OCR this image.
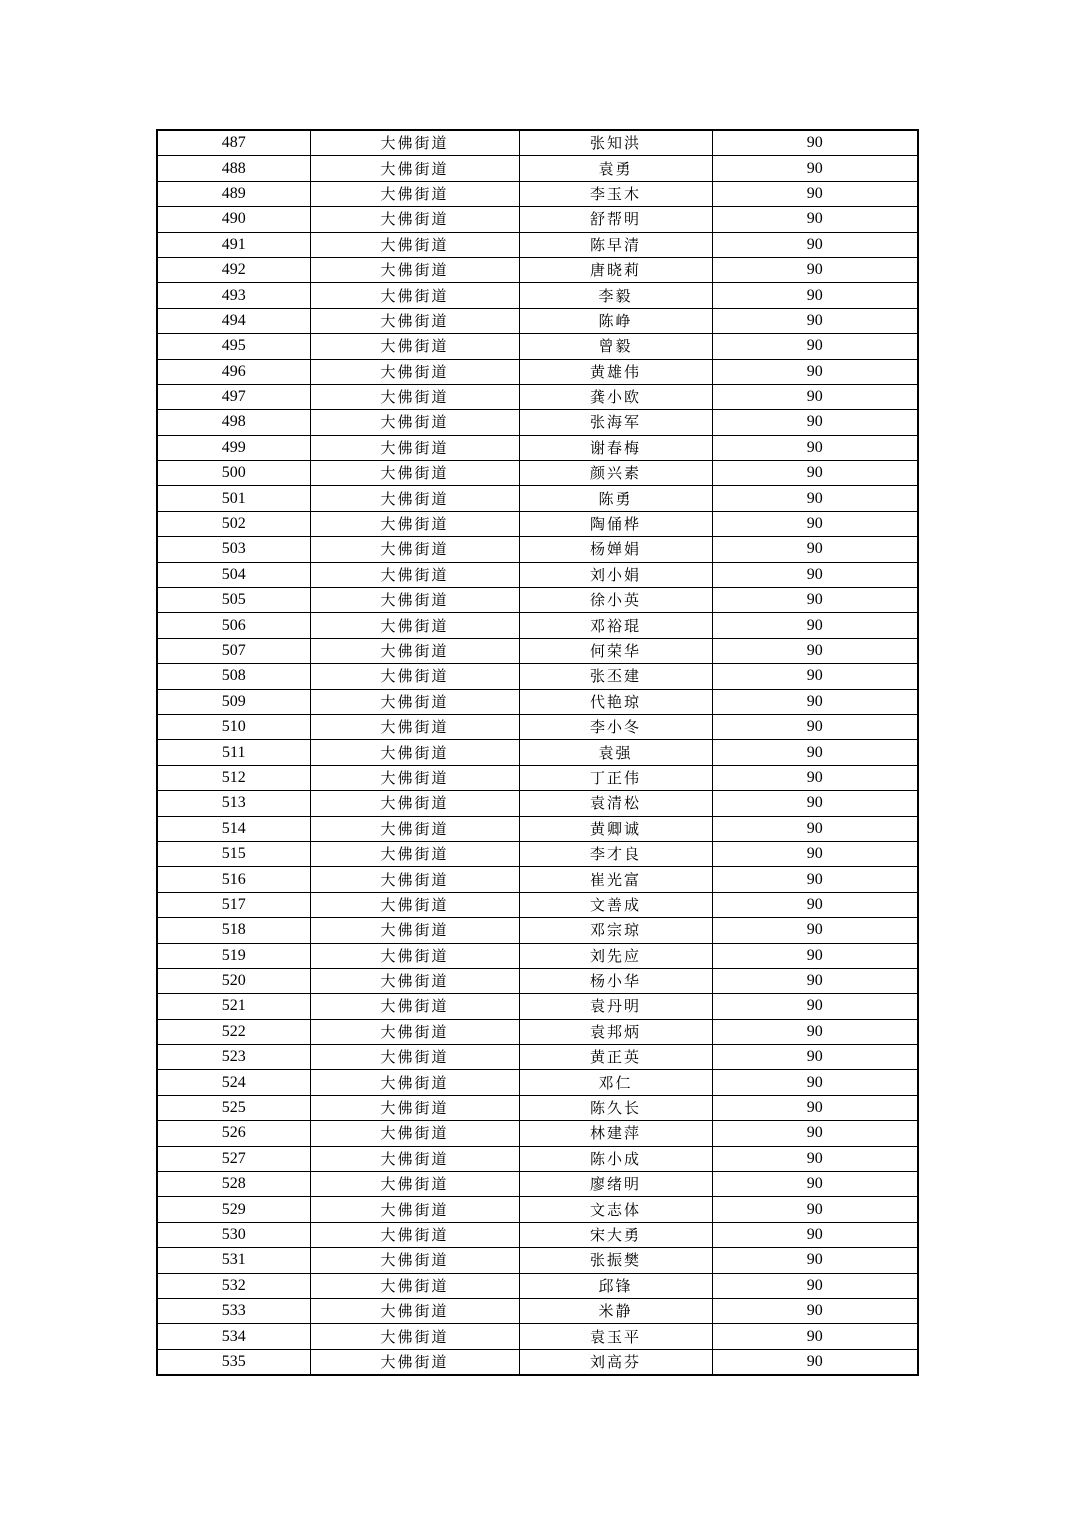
487	大佛街道	张知洪	90
488	大佛街道	袁勇	90
489	大佛街道	李玉木	90
490	大佛街道	舒帮明	90
491	大佛街道	陈早清	90
492	大佛街道	唐晓莉	90
493	大佛街道	李毅	90
494	大佛街道	陈峥	90
495	大佛街道	曾毅	90
496	大佛街道	黄雄伟	90
497	大佛街道	龚小欧	90
498	大佛街道	张海军	90
499	大佛街道	谢春梅	90
500	大佛街道	颜兴素	90
501	大佛街道	陈勇	90
502	大佛街道	陶俑桦	90
503	大佛街道	杨婵娟	90
504	大佛街道	刘小娟	90
505	大佛街道	徐小英	90
506	大佛街道	邓裕琨	90
507	大佛街道	何荣华	90
508	大佛街道	张丕建	90
509	大佛街道	代艳琼	90
510	大佛街道	李小冬	90
511	大佛街道	袁强	90
512	大佛街道	丁正伟	90
513	大佛街道	袁清松	90
514	大佛街道	黄卿诚	90
515	大佛街道	李才良	90
516	大佛街道	崔光富	90
517	大佛街道	文善成	90
518	大佛街道	邓宗琼	90
519	大佛街道	刘先应	90
520	大佛街道	杨小华	90
521	大佛街道	袁丹明	90
522	大佛街道	袁邦炳	90
523	大佛街道	黄正英	90
524	大佛街道	邓仁	90
525	大佛街道	陈久长	90
526	大佛街道	林建萍	90
527	大佛街道	陈小成	90
528	大佛街道	廖绪明	90
529	大佛街道	文志体	90
530	大佛街道	宋大勇	90
531	大佛街道	张振樊	90
532	大佛街道	邱锋	90
533	大佛街道	米静	90
534	大佛街道	袁玉平	90
535	大佛街道	刘高芬	90
